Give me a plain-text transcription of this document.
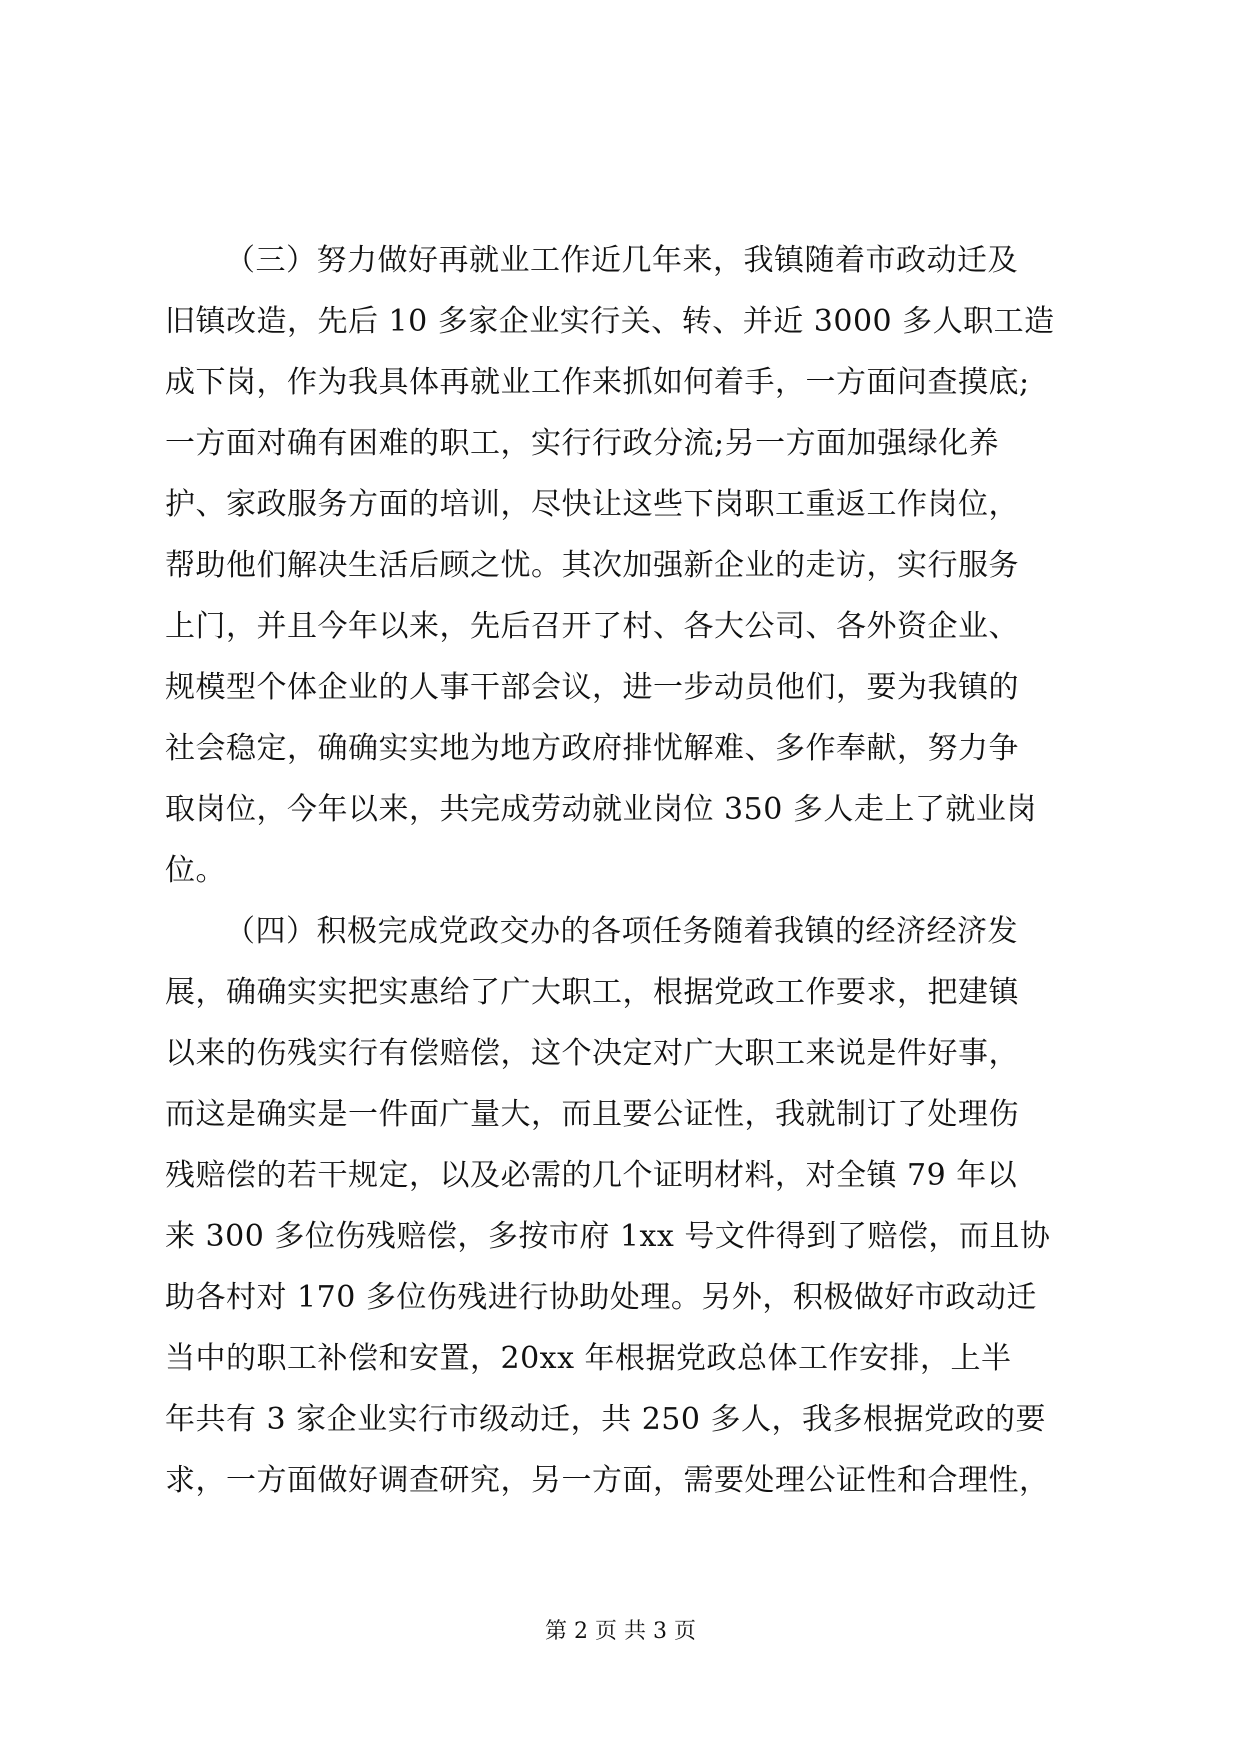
（三）努力做好再就业工作近几年来，我镇随着市政动迁及
旧镇改造，先后 10 多家企业实行关、转、并近 3000 多人职工造
成下岗，作为我具体再就业工作来抓如何着手，一方面问查摸底;
一方面对确有困难的职工，实行行政分流;另一方面加强绿化养
护、家政服务方面的培训，尽快让这些下岗职工重返工作岗位，
帮助他们解决生活后顾之忧。其次加强新企业的走访，实行服务
上门，并且今年以来，先后召开了村、各大公司、各外资企业、
规模型个体企业的人事干部会议，进一步动员他们，要为我镇的
社会稳定，确确实实地为地方政府排忧解难、多作奉献，努力争
取岗位，今年以来，共完成劳动就业岗位 350 多人走上了就业岗
位。
（四）积极完成党政交办的各项任务随着我镇的经济经济发
展，确确实实把实惠给了广大职工，根据党政工作要求，把建镇
以来的伤残实行有偿赔偿，这个决定对广大职工来说是件好事，
而这是确实是一件面广量大，而且要公证性，我就制订了处理伤
残赔偿的若干规定，以及必需的几个证明材料，对全镇 79 年以
来 300 多位伤残赔偿，多按市府 1xx 号文件得到了赔偿，而且协
助各村对 170 多位伤残进行协助处理。另外，积极做好市政动迁
当中的职工补偿和安置，20xx 年根据党政总体工作安排，上半
年共有 3 家企业实行市级动迁，共 250 多人，我多根据党政的要
求，一方面做好调查研究，另一方面，需要处理公证性和合理性，
第 2 页 共 3 页
